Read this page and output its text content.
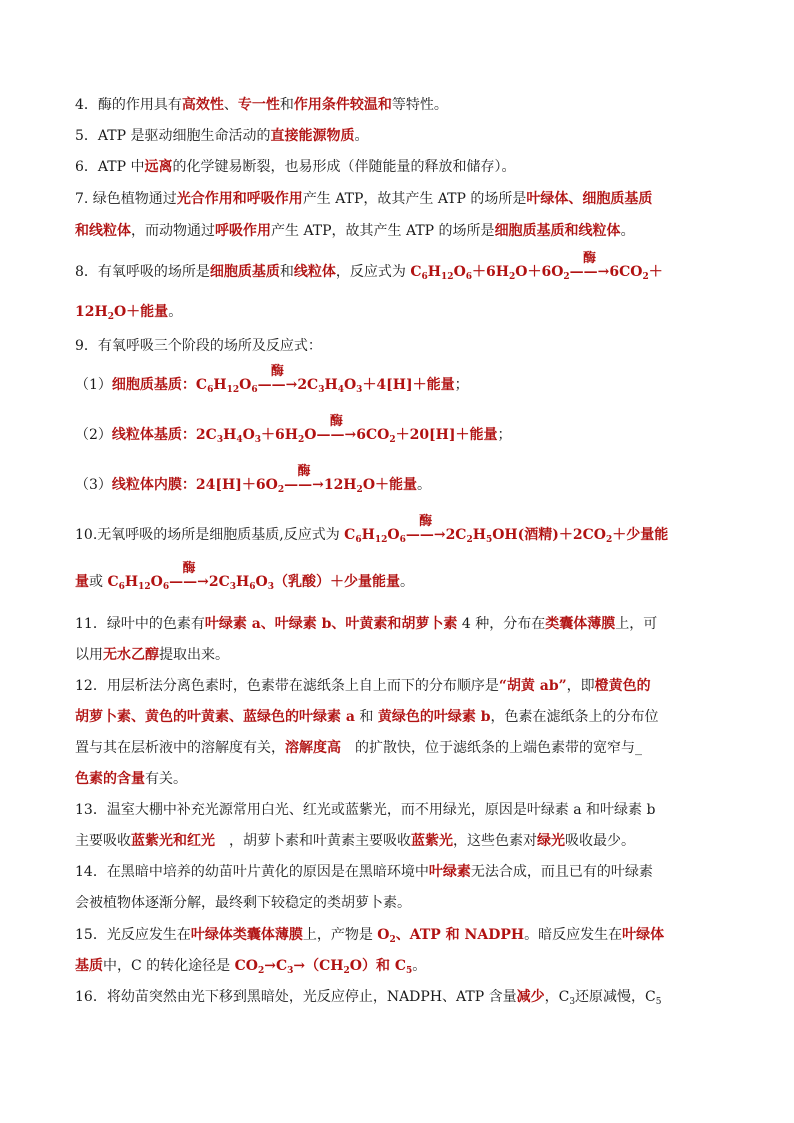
4．酶的作用具有高效性、专一性和作用条件较温和等特性。
5．ATP 是驱动细胞生命活动的直接能源物质。
6．ATP 中远离的化学键易断裂，也易形成（伴随能量的释放和储存）。
7. 绿色植物通过光合作用和呼吸作用产生 ATP，故其产生 ATP 的场所是叶绿体、细胞质基质
和线粒体，而动物通过呼吸作用产生 ATP，故其产生 ATP 的场所是细胞质基质和线粒体。
8．有氧呼吸的场所是细胞质基质和线粒体，反应式为 $C_6H_{12}O_6+6H_2O+6O_2$
酶
$——\to 6CO_2+$
$12H_2O+$能量。
9．有氧呼吸三个阶段的场所及反应式：
（1）细胞质基质：$C_6H_{12}O_6$
酶
$——\to 2C_3H_4O_3+4[H]+$能量；
（2）线粒体基质：$2C_3H_4O_3+6H_2O$
酶
$——\to 6CO_2+20[H]+$能量；
（3）线粒体内膜：$24[H]+6O_2$
酶
$——\to 12H_2O+$能量。
10.无氧呼吸的场所是细胞质基质,反应式为 $C_6H_{12}O_6$
酶
$——\to 2C_2H_5OH$(酒精)$+2CO_2+$少量能
量或 $C_6H_{12}O_6$
酶
$——\to 2C_3H_6O_3$（乳酸）＋少量能量。
11．绿叶中的色素有叶绿素 a、叶绿素 b、叶黄素和胡萝卜素 4 种，分布在类囊体薄膜上，可
以用无水乙醇提取出来。
12．用层析法分离色素时，色素带在滤纸条上自上而下的分布顺序是“胡黄 ab”，即橙黄色的
胡萝卜素、黄色的叶黄素、蓝绿色的叶绿素 a 和 黄绿色的叶绿素 b，色素在滤纸条上的分布位
置与其在层析液中的溶解度有关，溶解度高　的扩散快，位于滤纸条的上端色素带的宽窄与_
色素的含量有关。
13．温室大棚中补充光源常用白光、红光或蓝紫光，而不用绿光，原因是叶绿素 a 和叶绿素 b
主要吸收蓝紫光和红光　，胡萝卜素和叶黄素主要吸收蓝紫光，这些色素对绿光吸收最少。
14．在黑暗中培养的幼苗叶片黄化的原因是在黑暗环境中叶绿素无法合成，而且已有的叶绿素
会被植物体逐渐分解，最终剩下较稳定的类胡萝卜素。
15．光反应发生在叶绿体类囊体薄膜上，产物是 $O_2$、ATP 和 NADPH。暗反应发生在叶绿体
基质中，C 的转化途径是 $CO_2\to C_3\to(CH_2O)$和 $C_5$。
16．将幼苗突然由光下移到黑暗处，光反应停止，NADPH、ATP 含量减少，$C_3$还原减慢，$C_5$
